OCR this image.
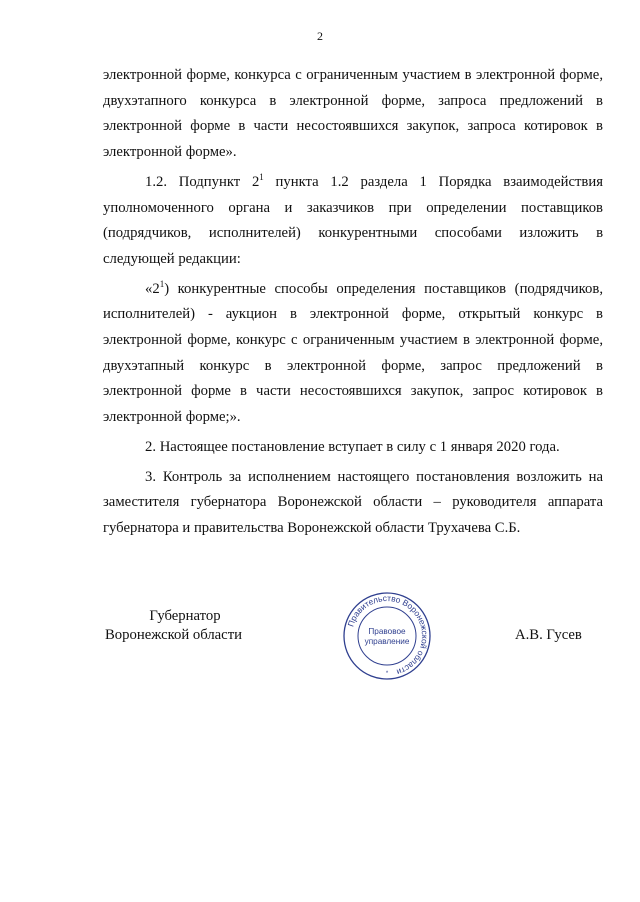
2

электронной форме, конкурса с ограниченным участием в электронной форме, двухэтапного конкурса в электронной форме, запроса предложений в электронной форме в части несостоявшихся закупок, запроса котировок в электронной форме».

1.2. Подпункт $2^1$ пункта 1.2 раздела 1 Порядка взаимодействия уполномоченного органа и заказчиков при определении поставщиков (подрядчиков, исполнителей) конкурентными способами изложить в следующей редакции:

«$2^1$) конкурентные способы определения поставщиков (подрядчиков, исполнителей) - аукцион в электронной форме, открытый конкурс в электронной форме, конкурс с ограниченным участием в электронной форме, двухэтапный конкурс в электронной форме, запрос предложений в электронной форме в части несостоявшихся закупок, запрос котировок в электронной форме;».

2. Настоящее постановление вступает в силу с 1 января 2020 года.

3. Контроль за исполнением настоящего постановления возложить на заместителя губернатора Воронежской области – руководителя аппарата губернатора и правительства Воронежской области Трухачева С.Б.

Губернатор
Воронежской области
Правительство Воронежской области
Правовое
управление
*
А.В. Гусев
